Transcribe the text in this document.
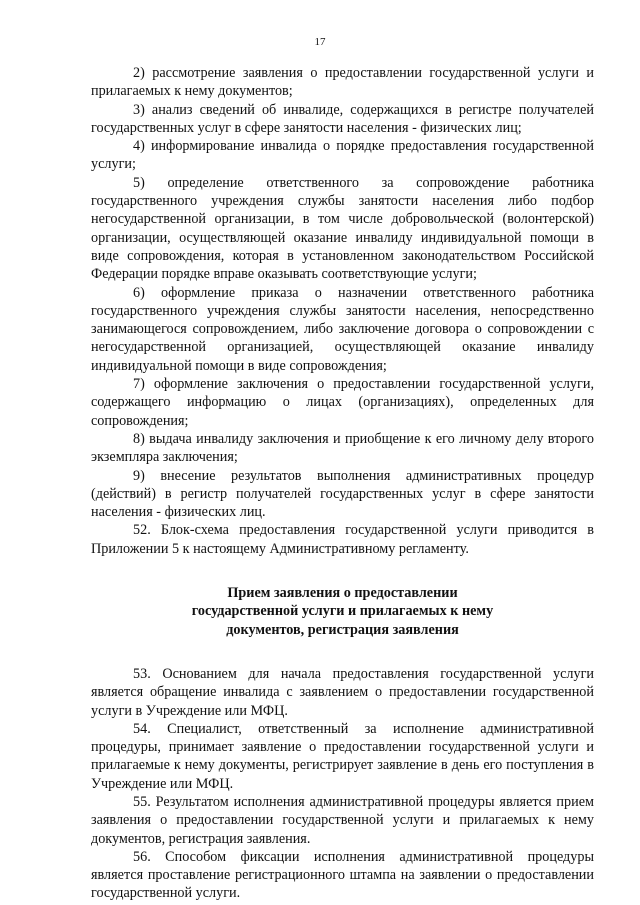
17

2) рассмотрение заявления о предоставлении государственной услуги и прилагаемых к нему документов;

3) анализ сведений об инвалиде, содержащихся в регистре получателей государственных услуг в сфере занятости населения - физических лиц;

4) информирование инвалида о порядке предоставления государственной услуги;

5) определение ответственного за сопровождение работника государственного учреждения службы занятости населения либо подбор негосударственной организации, в том числе добровольческой (волонтерской) организации, осуществляющей оказание инвалиду индивидуальной помощи в виде сопровождения, которая в установленном законодательством Российской Федерации порядке вправе оказывать соответствующие услуги;

6) оформление приказа о назначении ответственного работника государственного учреждения службы занятости населения, непосредственно занимающегося сопровождением, либо заключение договора о сопровождении с негосударственной организацией, осуществляющей оказание инвалиду индивидуальной помощи в виде сопровождения;

7) оформление заключения о предоставлении государственной услуги, содержащего информацию о лицах (организациях), определенных для сопровождения;

8) выдача инвалиду заключения и приобщение к его личному делу второго экземпляра заключения;

9) внесение результатов выполнения административных процедур (действий) в регистр получателей государственных услуг в сфере занятости населения - физических лиц.

52. Блок-схема предоставления государственной услуги приводится в Приложении 5 к настоящему Административному регламенту.

Прием заявления о предоставлении
государственной услуги и прилагаемых к нему
документов, регистрация заявления

53. Основанием для начала предоставления государственной услуги является обращение инвалида с заявлением о предоставлении государственной услуги в Учреждение или МФЦ.

54. Специалист, ответственный за исполнение административной процедуры, принимает заявление о предоставлении государственной услуги и прилагаемые к нему документы, регистрирует заявление в день его поступления в Учреждение или МФЦ.

55. Результатом исполнения административной процедуры является прием заявления о предоставлении государственной услуги и прилагаемых к нему документов, регистрация заявления.

56. Способом фиксации исполнения административной процедуры является проставление регистрационного штампа на заявлении о предоставлении государственной услуги.
